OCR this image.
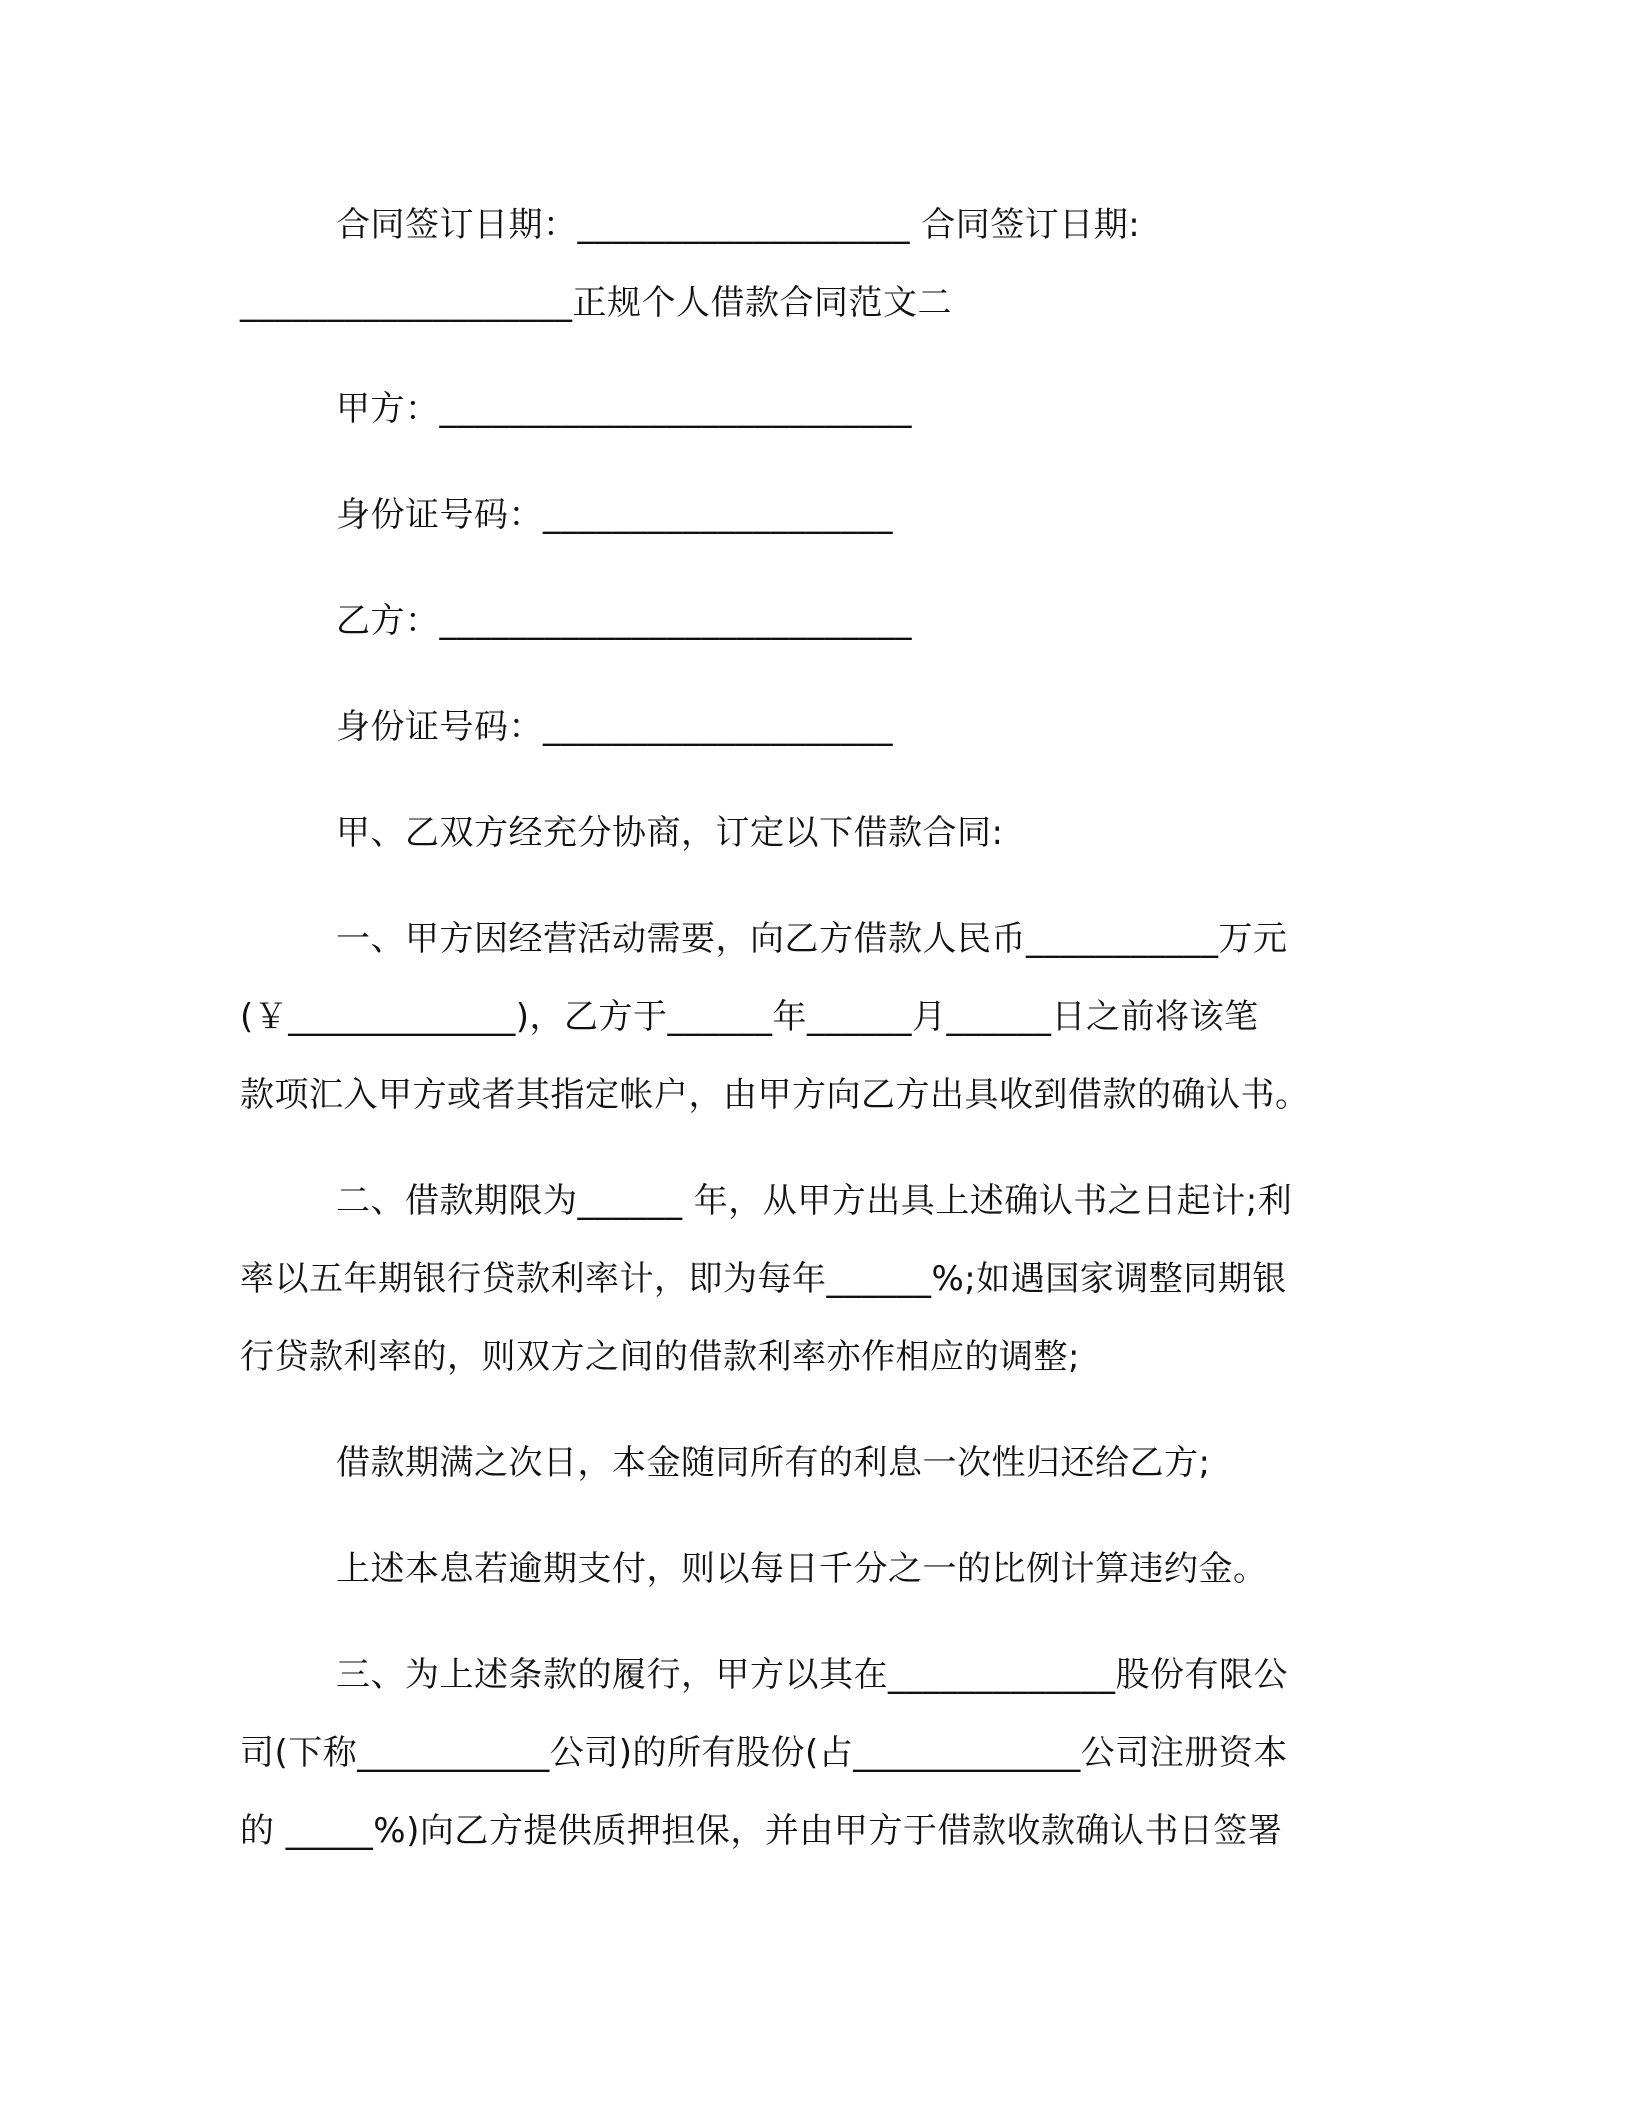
合同签订日期：___________________ 合同签订日期:
___________________正规个人借款合同范文二

甲方：___________________________

身份证号码：____________________

乙方：___________________________

身份证号码：____________________

甲、乙双方经充分协商，订定以下借款合同:

一、甲方因经营活动需要，向乙方借款人民币___________万元
(￥_____________)，乙方于______年______月______日之前将该笔
款项汇入甲方或者其指定帐户，由甲方向乙方出具收到借款的确认书。
二、借款期限为______ 年，从甲方出具上述确认书之日起计;利
率以五年期银行贷款利率计，即为每年______%;如遇国家调整同期银
行贷款利率的，则双方之间的借款利率亦作相应的调整;

借款期满之次日，本金随同所有的利息一次性归还给乙方;

上述本息若逾期支付，则以每日千分之一的比例计算违约金。

三、为上述条款的履行，甲方以其在_____________股份有限公
司(下称___________公司)的所有股份(占_____________公司注册资本
的 _____%)向乙方提供质押担保，并由甲方于借款收款确认书日签署
